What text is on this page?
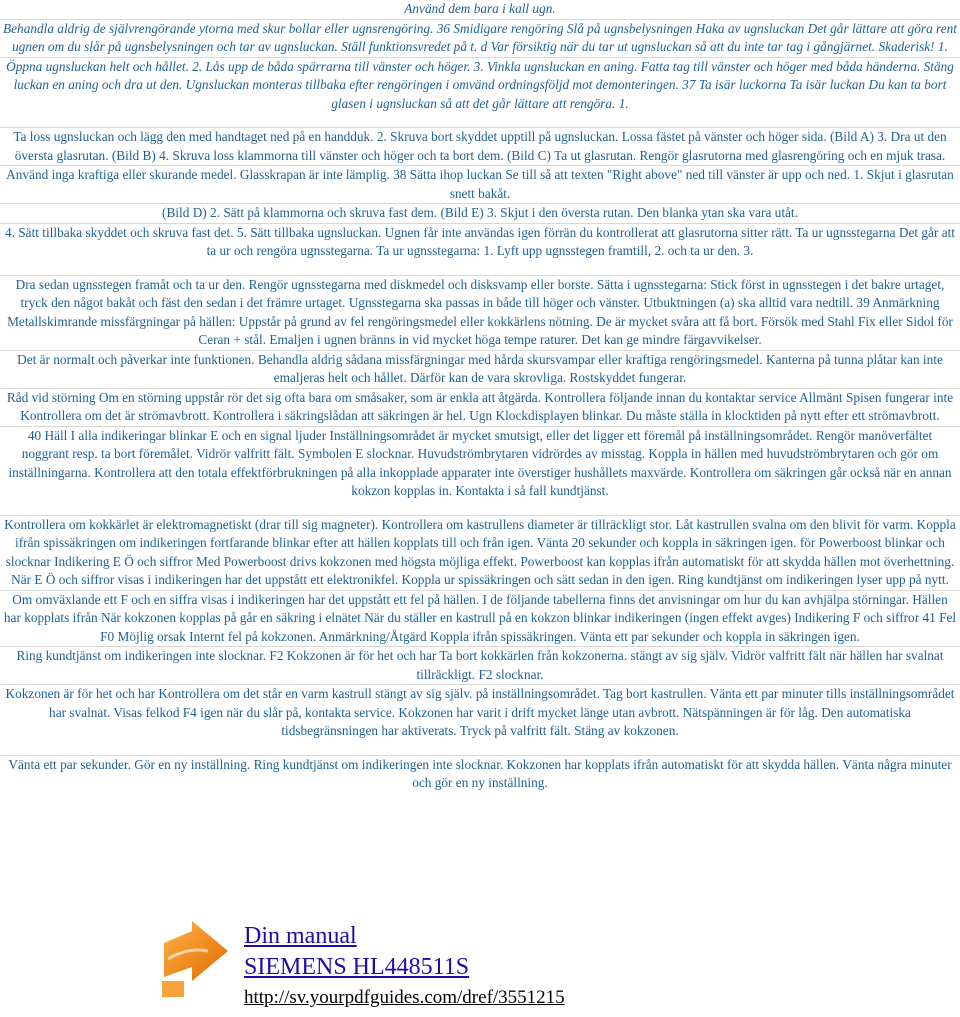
Använd dem bara i kall ugn.

Behandla aldrig de självrengörande ytorna med skur bollar eller ugnsrengöring. 36 Smidigare rengöring Slå på ugnsbelysningen Haka av ugnsluckan Det går lättare att göra rent ugnen om du slår på ugnsbelysningen och tar av ugnsluckan. Ställ funktionsvredet på t. d Var försiktig när du tar ut ugnsluckan så att du inte tar tag i gångjärnet. Skaderisk! 1.

Öppna ugnsluckan helt och hållet. 2. Lås upp de båda spärrarna till vänster och höger. 3. Vinkla ugnsluckan en aning. Fatta tag till vänster och höger med båda händerna. Stäng luckan en aning och dra ut den. Ugnsluckan monteras tillbaka efter rengöringen i omvänd ordningsföljd mot demonteringen. 37 Ta isär luckorna Ta isär luckan Du kan ta bort glasen i ugnsluckan så att det går lättare att rengöra. 1.

Ta loss ugnsluckan och lägg den med handtaget ned på en handduk. 2. Skruva bort skyddet upptill på ugnsluckan. Lossa fästet på vänster och höger sida. (Bild A) 3. Dra ut den översta glasrutan. (Bild B) 4. Skruva loss klammorna till vänster och höger och ta bort dem. (Bild C) Ta ut glasrutan. Rengör glasrutorna med glasrengöring och en mjuk trasa.

Använd inga kraftiga eller skurande medel. Glasskrapan är inte lämplig. 38 Sätta ihop luckan Se till så att texten "Right above" ned till vänster är upp och ned. 1. Skjut i glasrutan snett bakåt.

(Bild D) 2. Sätt på klammorna och skruva fast dem. (Bild E) 3. Skjut i den översta rutan. Den blanka ytan ska vara utåt.

4. Sätt tillbaka skyddet och skruva fast det. 5. Sätt tillbaka ugnsluckan. Ugnen får inte användas igen förrän du kontrollerat att glasrutorna sitter rätt. Ta ur ugnsstegarna Det går att ta ur och rengöra ugnsstegarna. Ta ur ugnsstegarna: 1. Lyft upp ugnsstegen framtill, 2. och ta ur den. 3.

Dra sedan ugnsstegen framåt och ta ur den. Rengör ugnsstegarna med diskmedel och disksvamp eller borste. Sätta i ugnsstegarna: Stick först in ugnsstegen i det bakre urtaget, tryck den något bakåt och fäst den sedan i det främre urtaget. Ugnsstegarna ska passas in både till höger och vänster. Utbuktningen (a) ska alltid vara nedtill. 39 Anmärkning Metallskimrande missfärgningar på hällen: Uppstår på grund av fel rengöringsmedel eller kokkärlens nötning. De är mycket svåra att få bort. Försök med Stahl Fix eller Sidol för Ceran + stål. Emaljen i ugnen bränns in vid mycket höga tempe raturer. Det kan ge mindre färgavvikelser.

Det är normalt och påverkar inte funktionen. Behandla aldrig sådana missfärgningar med hårda skursvampar eller kraftiga rengöringsmedel. Kanterna på tunna plåtar kan inte emaljeras helt och hållet. Därför kan de vara skrovliga. Rostskyddet fungerar.

Råd vid störning Om en störning uppstår rör det sig ofta bara om småsaker, som är enkla att åtgärda. Kontrollera följande innan du kontaktar service Allmänt Spisen fungerar inte Kontrollera om det är strömavbrott. Kontrollera i säkringslådan att säkringen är hel. Ugn Klockdisplayen blinkar. Du måste ställa in klocktiden på nytt efter ett strömavbrott.

40 Häll I alla indikeringar blinkar E och en signal ljuder Inställningsområdet är mycket smutsigt, eller det ligger ett föremål på inställningsområdet. Rengör manöverfältet noggrant resp. ta bort föremålet. Vidrör valfritt fält. Symbolen E slocknar. Huvudströmbrytaren vidrördes av misstag. Koppla in hällen med huvudströmbrytaren och gör om inställningarna. Kontrollera att den totala effektförbrukningen på alla inkopplade apparater inte överstiger hushållets maxvärde. Kontrollera om säkringen går också när en annan kokzon kopplas in. Kontakta i så fall kundtjänst.

Kontrollera om kokkärlet är elektromagnetiskt (drar till sig magneter). Kontrollera om kastrullens diameter är tillräckligt stor. Låt kastrullen svalna om den blivit för varm. Koppla ifrån spissäkringen om indikeringen fortfarande blinkar efter att hällen kopplats till och från igen. Vänta 20 sekunder och koppla in säkringen igen. för Powerboost blinkar och slocknar Indikering E Ö och siffror Med Powerboost drivs kokzonen med högsta möjliga effekt. Powerboost kan kopplas ifrån automatiskt för att skydda hällen mot överhettning. När E Ö och siffror visas i indikeringen har det uppstått ett elektronikfel. Koppla ur spissäkringen och sätt sedan in den igen. Ring kundtjänst om indikeringen lyser upp på nytt.

Om omväxlande ett F och en siffra visas i indikeringen har det uppstått ett fel på hällen. I de följande tabellerna finns det anvisningar om hur du kan avhjälpa störningar. Hällen har kopplats ifrån När kokzonen kopplas på går en säkring i elnätet När du ställer en kastrull på en kokzon blinkar indikeringen (ingen effekt avges) Indikering F och siffror 41 Fel F0 Möjlig orsak Internt fel på kokzonen. Anmärkning/Åtgärd Koppla ifrån spissäkringen. Vänta ett par sekunder och koppla in säkringen igen.

Ring kundtjänst om indikeringen inte slocknar. F2 Kokzonen är för het och har Ta bort kokkärlen från kokzonerna. stängt av sig själv. Vidrör valfritt fält när hällen har svalnat tillräckligt. F2 slocknar.

Kokzonen är för het och har Kontrollera om det står en varm kastrull stängt av sig själv. på inställningsområdet. Tag bort kastrullen. Vänta ett par minuter tills inställningsområdet har svalnat. Visas felkod F4 igen när du slår på, kontakta service. Kokzonen har varit i drift mycket länge utan avbrott. Nätspänningen är för låg. Den automatiska tidsbegränsningen har aktiverats. Tryck på valfritt fält. Stäng av kokzonen.

Vänta ett par sekunder. Gör en ny inställning. Ring kundtjänst om indikeringen inte slocknar. Kokzonen har kopplats ifrån automatiskt för att skydda hällen. Vänta några minuter och gör en ny inställning.

Din manual
SIEMENS HL448511S
http://sv.yourpdfguides.com/dref/3551215
